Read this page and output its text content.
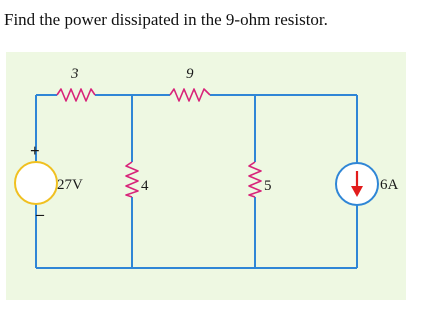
Find the power dissipated in the 9-ohm resistor.
3	9
4	5
27V	6A
+
–
